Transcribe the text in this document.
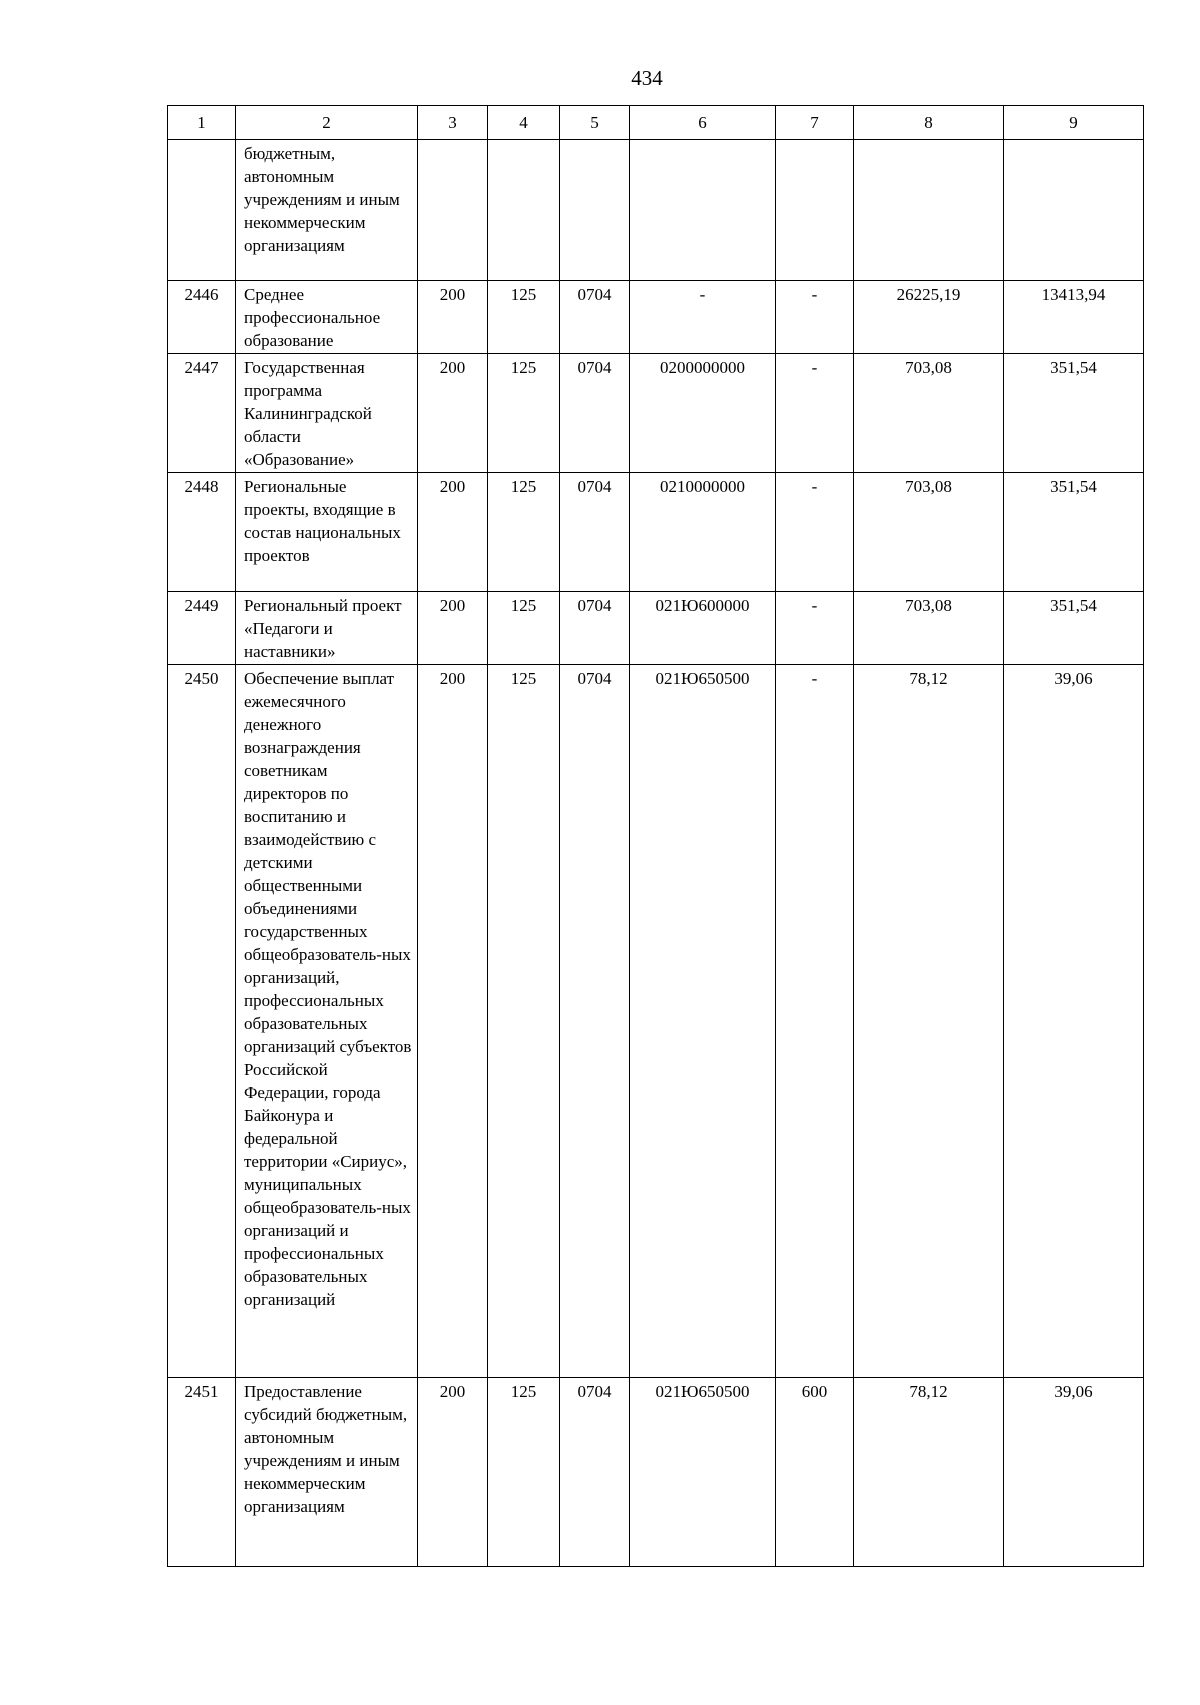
434
1	2	3	4	5	6	7	8	9
	бюджетным, автономным учреждениям и иным некоммерческим организациям							
2446	Среднее профессиональное образование	200	125	0704	-	-	26225,19	13413,94
2447	Государственная программа Калининградской области «Образование»	200	125	0704	0200000000	-	703,08	351,54
2448	Региональные проекты, входящие в состав национальных проектов	200	125	0704	0210000000	-	703,08	351,54
2449	Региональный проект «Педагоги и наставники»	200	125	0704	021Ю600000	-	703,08	351,54
2450	Обеспечение выплат ежемесячного денежного вознаграждения советникам директоров по воспитанию и взаимодействию с детскими общественными объединениями государственных общеобразователь-ных организаций, профессиональных образовательных организаций субъектов Российской Федерации, города Байконура и федеральной территории «Сириус», муниципальных общеобразователь-ных организаций и профессиональных образовательных организаций	200	125	0704	021Ю650500	-	78,12	39,06
2451	Предоставление субсидий бюджетным, автономным учреждениям и иным некоммерческим организациям	200	125	0704	021Ю650500	600	78,12	39,06
